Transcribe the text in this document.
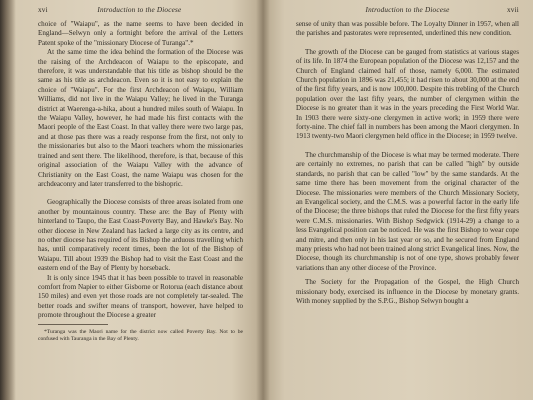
xvi	Introduction to the Diocese

choice of "Waiapu", as the name seems to have been decided in England—Selwyn only a fortnight before the arrival of the Letters Patent spoke of the "missionary Diocese of Turanga".*

At the same time the idea behind the formation of the Diocese was the raising of the Archdeacon of Waiapu to the episcopate, and therefore, it was understandable that his title as bishop should be the same as his title as archdeacon. Even so it is not easy to explain the choice of "Waiapu". For the first Archdeacon of Waiapu, William Williams, did not live in the Waiapu Valley; he lived in the Turanga district at Waerenga-a-hika, about a hundred miles south of Waiapu. In the Waiapu Valley, however, he had made his first contacts with the Maori people of the East Coast. In that valley there were two large pas, and at those pas there was a ready response from the first, not only to the missionaries but also to the Maori teachers whom the missionaries trained and sent there. The likelihood, therefore, is that, because of this original association of the Waiapu Valley with the advance of Christianity on the East Coast, the name Waiapu was chosen for the archdeaconry and later transferred to the bishopric.

Geographically the Diocese consists of three areas isolated from one another by mountainous country. These are: the Bay of Plenty with hinterland to Taupo, the East Coast-Poverty Bay, and Hawke's Bay. No other diocese in New Zealand has lacked a large city as its centre, and no other diocese has required of its Bishop the arduous travelling which has, until comparatively recent times, been the lot of the Bishop of Waiapu. Till about 1939 the Bishop had to visit the East Coast and the eastern end of the Bay of Plenty by horseback.

It is only since 1945 that it has been possible to travel in reasonable comfort from Napier to either Gisborne or Rotorua (each distance about 150 miles) and even yet those roads are not completely tar-sealed. The better roads and swifter means of transport, however, have helped to promote throughout the Diocese a greater

*Turanga was the Maori name for the district now called Poverty Bay. Not to be confused with Tauranga in the Bay of Plenty.
Introduction to the Diocese	xvii

sense of unity than was possible before. The Loyalty Dinner in 1957, when all the parishes and pastorates were represented, underlined this new condition.

The growth of the Diocese can be gauged from statistics at various stages of its life. In 1874 the European population of the Diocese was 12,157 and the Church of England claimed half of those, namely 6,000. The estimated Church population in 1896 was 21,455; it had risen to about 30,000 at the end of the first fifty years, and is now 100,000. Despite this trebling of the Church population over the last fifty years, the number of clergymen within the Diocese is no greater than it was in the years preceding the First World War. In 1903 there were sixty-one clergymen in active work; in 1959 there were forty-nine. The chief fall in numbers has been among the Maori clergymen. In 1913 twenty-two Maori clergymen held office in the Diocese; in 1959 twelve.

The churchmanship of the Diocese is what may be termed moderate. There are certainly no extremes, no parish that can be called "high" by outside standards, no parish that can be called "low" by the same standards. At the same time there has been movement from the original character of the Diocese. The missionaries were members of the Church Missionary Society, an Evangelical society, and the C.M.S. was a powerful factor in the early life of the Diocese; the three bishops that ruled the Diocese for the first fifty years were C.M.S. missionaries. With Bishop Sedgwick (1914-29) a change to a less Evangelical position can be noticed. He was the first Bishop to wear cope and mitre, and then only in his last year or so, and he secured from England many priests who had not been trained along strict Evangelical lines. Now, the Diocese, though its churchmanship is not of one type, shows probably fewer variations than any other diocese of the Province.

The Society for the Propagation of the Gospel, the High Church missionary body, exercised its influence in the Diocese by monetary grants. With money supplied by the S.P.G., Bishop Selwyn bought a
